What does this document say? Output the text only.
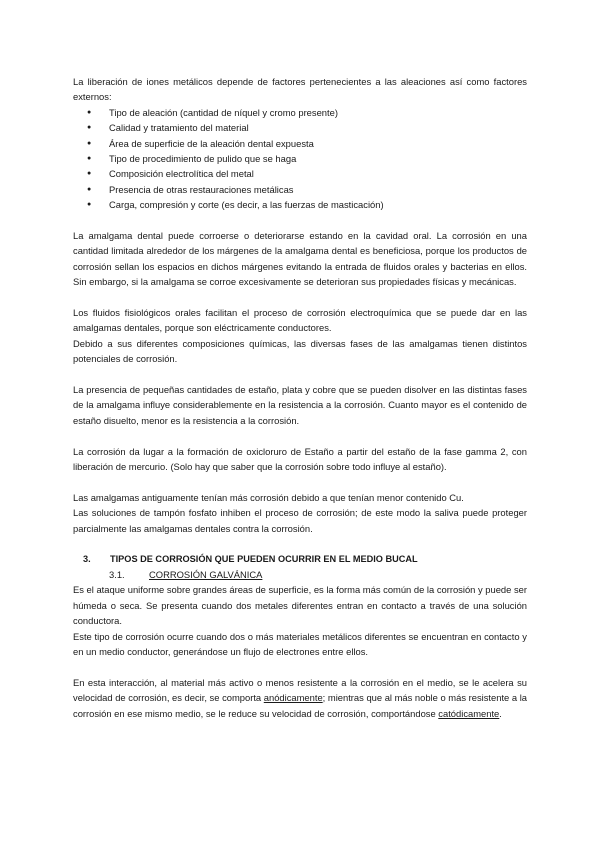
La liberación de iones metálicos depende de factores pertenecientes a las aleaciones así como factores externos:

● Tipo de aleación (cantidad de níquel y cromo presente)
● Calidad y tratamiento del material
● Área de superficie de la aleación dental expuesta
● Tipo de procedimiento de pulido que se haga
● Composición electrolítica del metal
● Presencia de otras restauraciones metálicas
● Carga, compresión y corte (es decir, a las fuerzas de masticación)

La amalgama dental puede corroerse o deteriorarse estando en la cavidad oral. La corrosión en una cantidad limitada alrededor de los márgenes de la amalgama dental es beneficiosa, porque los productos de corrosión sellan los espacios en dichos márgenes evitando la entrada de fluidos orales y bacterias en ellos. Sin embargo, si la amalgama se corroe excesivamente se deterioran sus propiedades físicas y mecánicas.

Los fluidos fisiológicos orales facilitan el proceso de corrosión electroquímica que se puede dar en las amalgamas dentales, porque son eléctricamente conductores.

Debido a sus diferentes composiciones químicas, las diversas fases de las amalgamas tienen distintos potenciales de corrosión.

La presencia de pequeñas cantidades de estaño, plata y cobre que se pueden disolver en las distintas fases de la amalgama influye considerablemente en la resistencia a la corrosión. Cuanto mayor es el contenido de estaño disuelto, menor es la resistencia a la corrosión.

La corrosión da lugar a la formación de oxicloruro de Estaño a partir del estaño de la fase gamma 2, con liberación de mercurio. (Solo hay que saber que la corrosión sobre todo influye al estaño).

Las amalgamas antiguamente tenían más corrosión debido a que tenían menor contenido Cu.

Las soluciones de tampón fosfato inhiben el proceso de corrosión; de este modo la saliva puede proteger parcialmente las amalgamas dentales contra la corrosión.

3. TIPOS DE CORROSIÓN QUE PUEDEN OCURRIR EN EL MEDIO BUCAL

3.1.	CORROSIÓN GALVÁNICA

Es el ataque uniforme sobre grandes áreas de superficie, es la forma más común de la corrosión y puede ser húmeda o seca. Se presenta cuando dos metales diferentes entran en contacto a través de una solución conductora.

Este tipo de corrosión ocurre cuando dos o más materiales metálicos diferentes se encuentran en contacto y en un medio conductor, generándose un flujo de electrones entre ellos.

En esta interacción, al material más activo o menos resistente a la corrosión en el medio, se le acelera su velocidad de corrosión, es decir, se comporta anódicamente; mientras que al más noble o más resistente a la corrosión en ese mismo medio, se le reduce su velocidad de corrosión, comportándose catódicamente.
